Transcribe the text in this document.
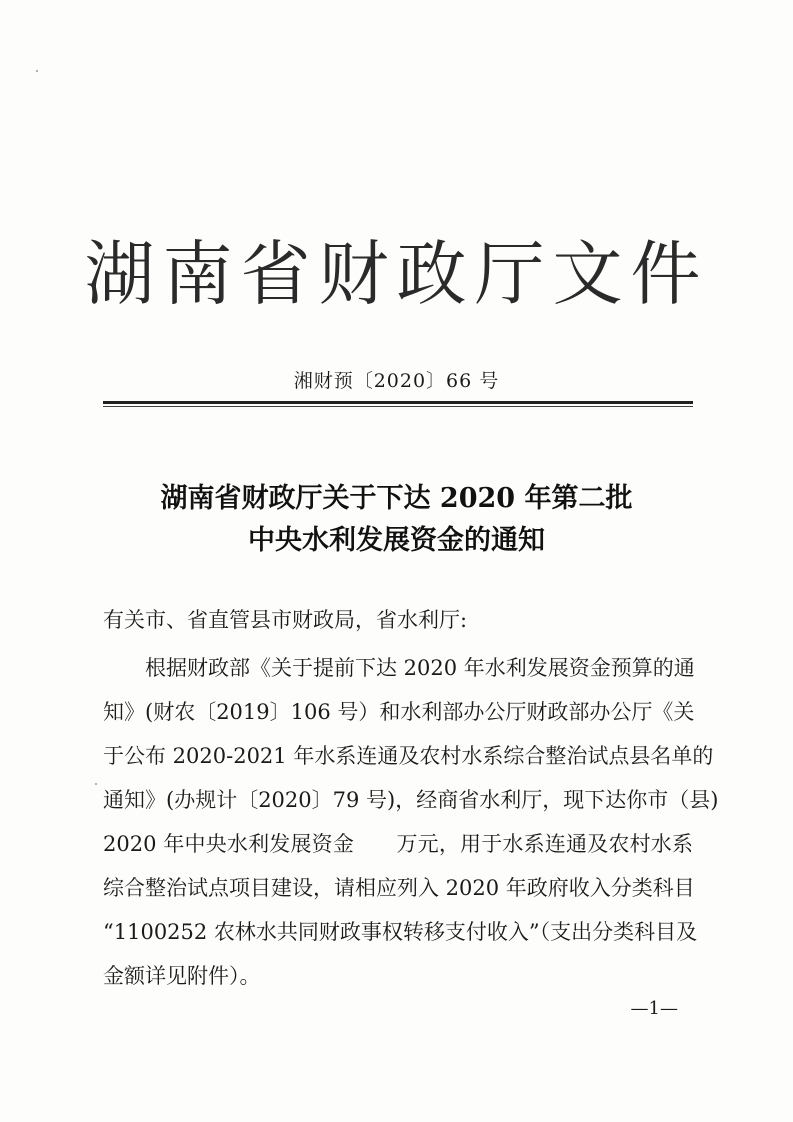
湖南省财政厅文件
湘财预〔2020〕66 号
湖南省财政厅关于下达 2020 年第二批
中央水利发展资金的通知
有关市、省直管县市财政局，省水利厅:
根据财政部《关于提前下达 2020 年水利发展资金预算的通
知》(财农〔2019〕106 号）和水利部办公厅财政部办公厅《关
于公布 2020-2021 年水系连通及农村水系综合整治试点县名单的
通知》(办规计〔2020〕79 号)，经商省水利厅，现下达你市（县)
2020 年中央水利发展资金　　万元，用于水系连通及农村水系
综合整治试点项目建设，请相应列入 2020 年政府收入分类科目
“1100252 农林水共同财政事权转移支付收入”（支出分类科目及
金额详见附件）。
—1—
